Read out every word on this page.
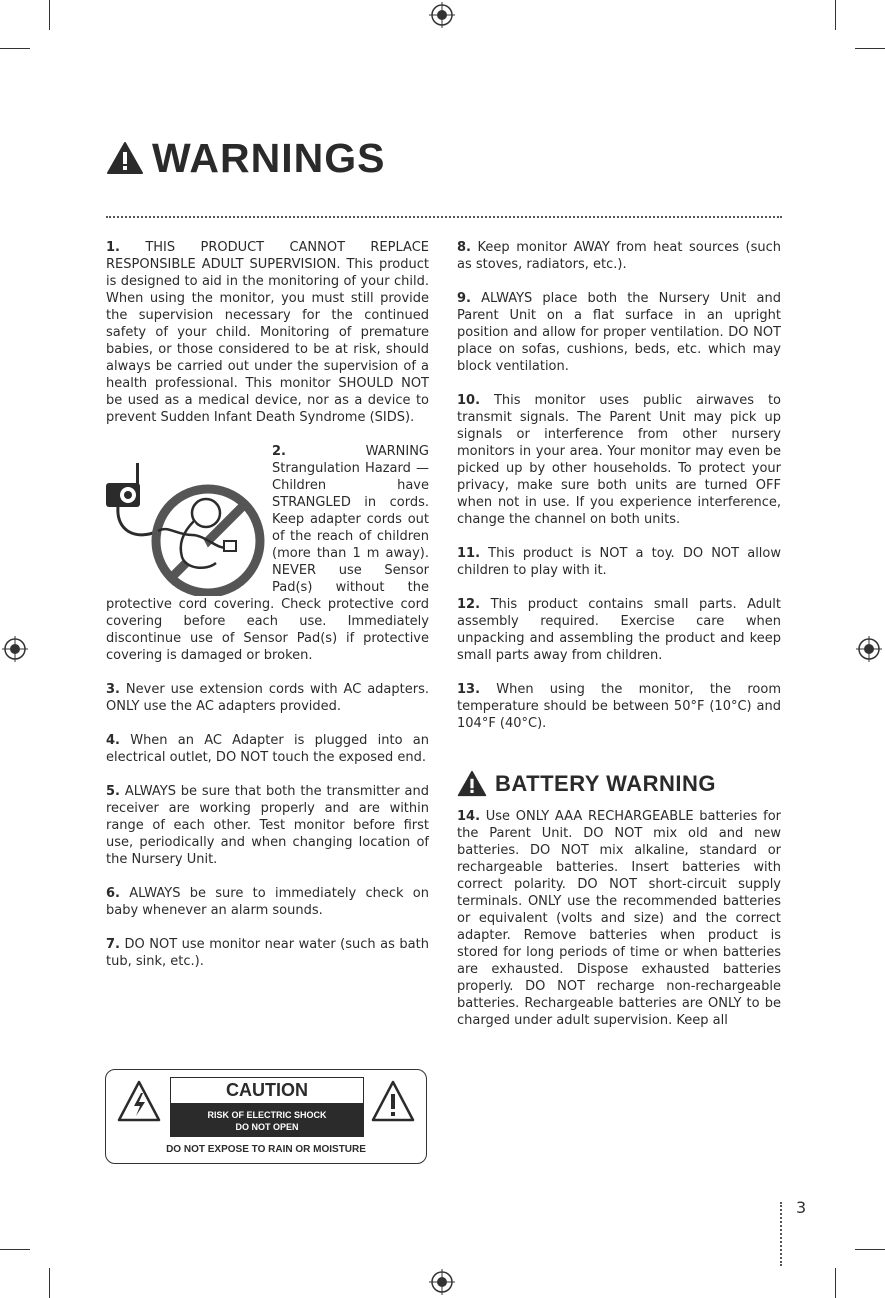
WARNINGS

1. THIS PRODUCT CANNOT REPLACE RESPONSIBLE ADULT SUPERVISION. This product is designed to aid in the monitoring of your child. When using the monitor, you must still provide the supervision necessary for the continued safety of your child. Monitoring of premature babies, or those considered to be at risk, should always be carried out under the supervision of a health professional. This monitor SHOULD NOT be used as a medical device, nor as a device to prevent Sudden Infant Death Syndrome (SIDS).

2.	WARNING Strangulation Hazard — Children have STRANGLED in cords. Keep adapter cords out of the reach of children (more than 1 m away). NEVER use Sensor Pad(s) without the protective cord covering. Check protective cord covering before each use. Immediately discontinue use of Sensor Pad(s) if protective covering is damaged or broken.

3. Never use extension cords with AC adapters. ONLY use the AC adapters provided.

4. When an AC Adapter is plugged into an electrical outlet, DO NOT touch the exposed end.

5. ALWAYS be sure that both the transmitter and receiver are working properly and are within range of each other. Test monitor before first use, periodically and when changing location of the Nursery Unit.

6. ALWAYS be sure to immediately check on baby whenever an alarm sounds.

7. DO NOT use monitor near water (such as bath tub, sink, etc.).

CAUTION
RISK OF ELECTRIC SHOCK
DO NOT OPEN
DO NOT EXPOSE TO RAIN OR MOISTURE

8. Keep monitor AWAY from heat sources (such as stoves, radiators, etc.).

9. ALWAYS place both the Nursery Unit and Parent Unit on a flat surface in an upright position and allow for proper ventilation. DO NOT place on sofas, cushions, beds, etc. which may block ventilation.

10. This monitor uses public airwaves to transmit signals. The Parent Unit may pick up signals or interference from other nursery monitors in your area. Your monitor may even be picked up by other households. To protect your privacy, make sure both units are turned OFF when not in use. If you experience interference, change the channel on both units.

11. This product is NOT a toy. DO NOT allow children to play with it.

12. This product contains small parts. Adult assembly required. Exercise care when unpacking and assembling the product and keep small parts away from children.

13. When using the monitor, the room temperature should be between 50°F (10°C) and 104°F (40°C).

BATTERY WARNING

14. Use ONLY AAA RECHARGEABLE batteries for the Parent Unit. DO NOT mix old and new batteries. DO NOT mix alkaline, standard or rechargeable batteries. Insert batteries with correct polarity. DO NOT short-circuit supply terminals. ONLY use the recommended batteries or equivalent (volts and size) and the correct adapter. Remove batteries when product is stored for long periods of time or when batteries are exhausted. Dispose exhausted batteries properly. DO NOT recharge non-rechargeable batteries. Rechargeable batteries are ONLY to be charged under adult supervision. Keep all

3
